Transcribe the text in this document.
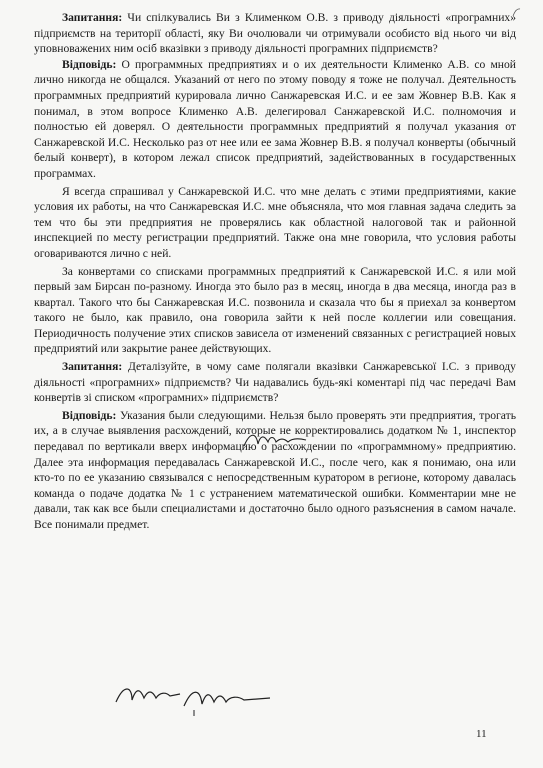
Запитання: Чи спілкувались Ви з Клименком О.В. з приводу діяльності «програмних» підприємств на території області, яку Ви очолювали чи отримували особисто від нього чи від уповноважених ним осіб вказівки з приводу діяльності програмних підприємств?

Відповідь: О программных предприятиях и о их деятельности Клименко А.В. со мной лично никогда не общался. Указаний от него по этому поводу я тоже не получал. Деятельность программных предприятий курировала лично Санжаревская И.С. и ее зам Жовнер В.В. Как я понимал, в этом вопросе Клименко А.В. делегировал Санжаревской И.С. полномочия и полностью ей доверял. О деятельности программных предприятий я получал указания от Санжаревской И.С. Несколько раз от нее или ее зама Жовнер В.В. я получал конверты (обычный белый конверт), в котором лежал список предприятий, задействованных в государственных программах.

Я всегда спрашивал у Санжаревской И.С. что мне делать с этими предприятиями, какие условия их работы, на что Санжаревская И.С. мне объясняла, что моя главная задача следить за тем что бы эти предприятия не проверялись как областной налоговой так и районной инспекцией по месту регистрации предприятий. Также она мне говорила, что условия работы оговариваются лично с ней.

За конвертами со списками программных предприятий к Санжаревской И.С. я или мой первый зам Бирсан по-разному. Иногда это было раз в месяц, иногда в два месяца, иногда раз в квартал. Такого что бы Санжаревская И.С. позвонила и сказала что бы я приехал за конвертом такого не было, как правило, она говорила зайти к ней после коллегии или совещания. Периодичность получение этих списков зависела от изменений связанных с регистрацией новых предприятий или закрытие ранее действующих.

Запитання: Деталізуйте, в чому саме полягали вказівки Санжаревської І.С. з приводу діяльності «програмних» підприємств? Чи надавались будь-які коментарі під час передачі Вам конвертів зі списком «програмних» підприємств?

Відповідь: Указания были следующими. Нельзя было проверять эти предприятия, трогать их, а в случае выявления расхождений, которые не корректировались додатком № 1, инспектор передавал по вертикали вверх информацию о расхождении по «программному» предприятию. Далее эта информация передавалась Санжаревской И.С., после чего, как я понимаю, она или кто-то по ее указанию связывался с непосредственным куратором в регионе, которому давалась команда о подаче додатка № 1 с устранением математической ошибки. Комментарии мне не давали, так как все были специалистами и достаточно было одного разъяснения в самом начале. Все понимали предмет.

11
